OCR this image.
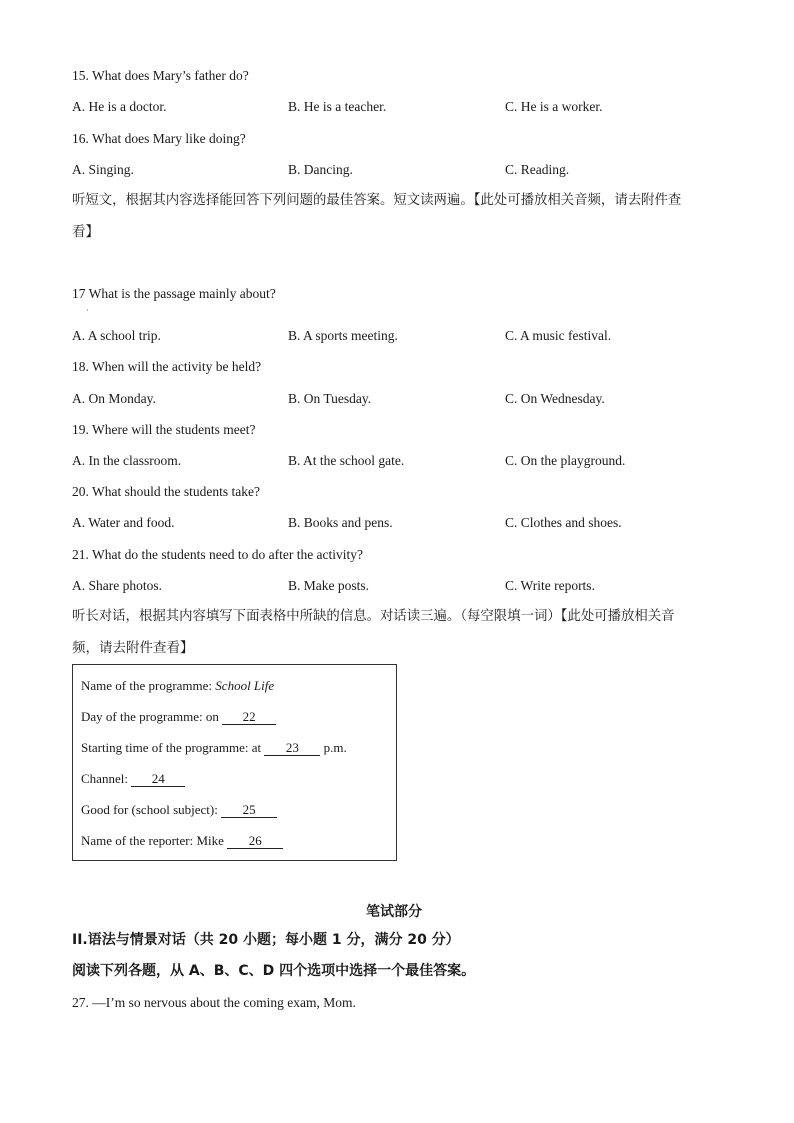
15. What does Mary’s father do?
A. He is a doctor.	B. He is a teacher.	C. He is a worker.
16. What does Mary like doing?
A. Singing.	B. Dancing.	C. Reading.
听短文，根据其内容选择能回答下列问题的最佳答案。短文读两遍。【此处可播放相关音频，请去附件查
看】
17 What is the passage mainly about?
·
A. A school trip.	B. A sports meeting.	C. A music festival.
18. When will the activity be held?
A. On Monday.	B. On Tuesday.	C. On Wednesday.
19. Where will the students meet?
A. In the classroom.	B. At the school gate.	C. On the playground.
20. What should the students take?
A. Water and food.	B. Books and pens.	C. Clothes and shoes.
21. What do the students need to do after the activity?
A. Share photos.	B. Make posts.	C. Write reports.
听长对话，根据其内容填写下面表格中所缺的信息。对话读三遍。（每空限填一词）【此处可播放相关音
频，请去附件查看】
Name of the programme: School Life
Day of the programme: on 22
Starting time of the programme: at 23 p.m.
Channel: 24
Good for (school subject): 25
Name of the reporter: Mike 26
笔试部分
II.语法与情景对话（共 20 小题；每小题 1 分，满分 20 分）
阅读下列各题，从 A、B、C、D 四个选项中选择一个最佳答案。
27. —I’m so nervous about the coming exam, Mom.
